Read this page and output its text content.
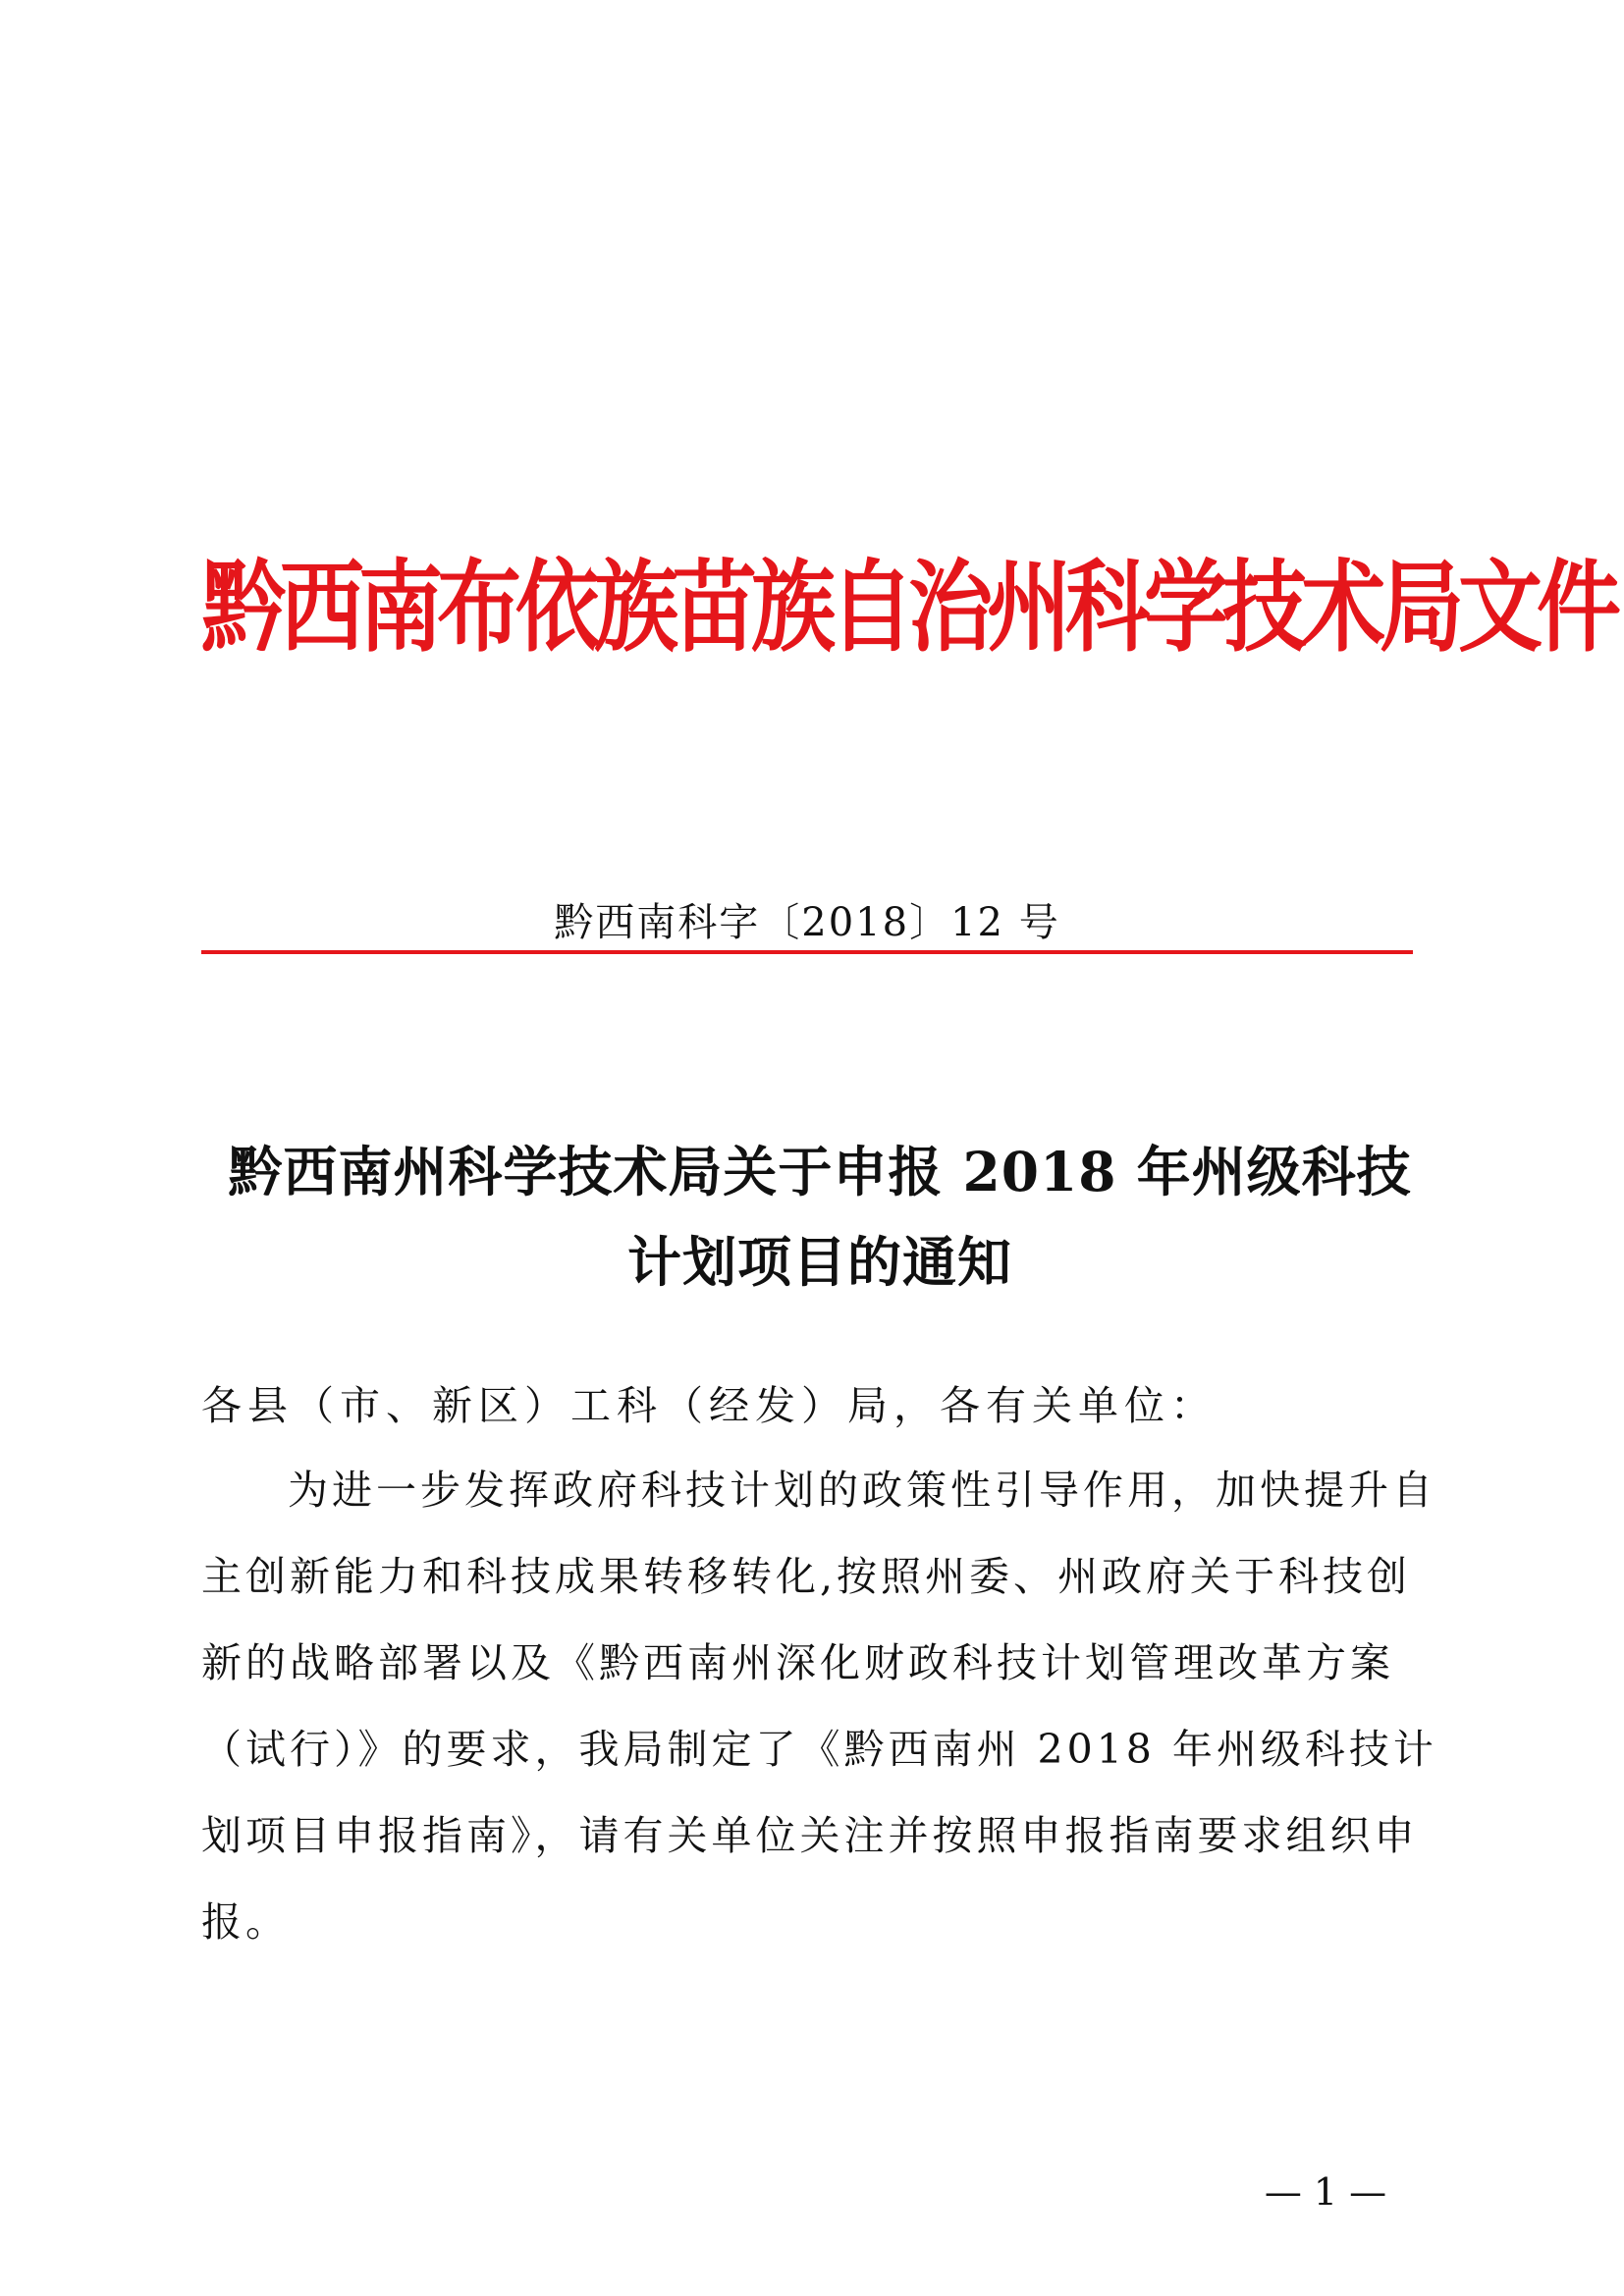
黔西南布依族苗族自治州科学技术局文件
黔西南科字〔2018〕12 号
黔西南州科学技术局关于申报 2018 年州级科技
计划项目的通知
各县（市、新区）工科（经发）局，各有关单位：
为进一步发挥政府科技计划的政策性引导作用，加快提升自
主创新能力和科技成果转移转化,按照州委、州政府关于科技创
新的战略部署以及《黔西南州深化财政科技计划管理改革方案
（试行）》的要求，我局制定了《黔西南州 2018 年州级科技计
划项目申报指南》，请有关单位关注并按照申报指南要求组织申
报。
— 1 —
